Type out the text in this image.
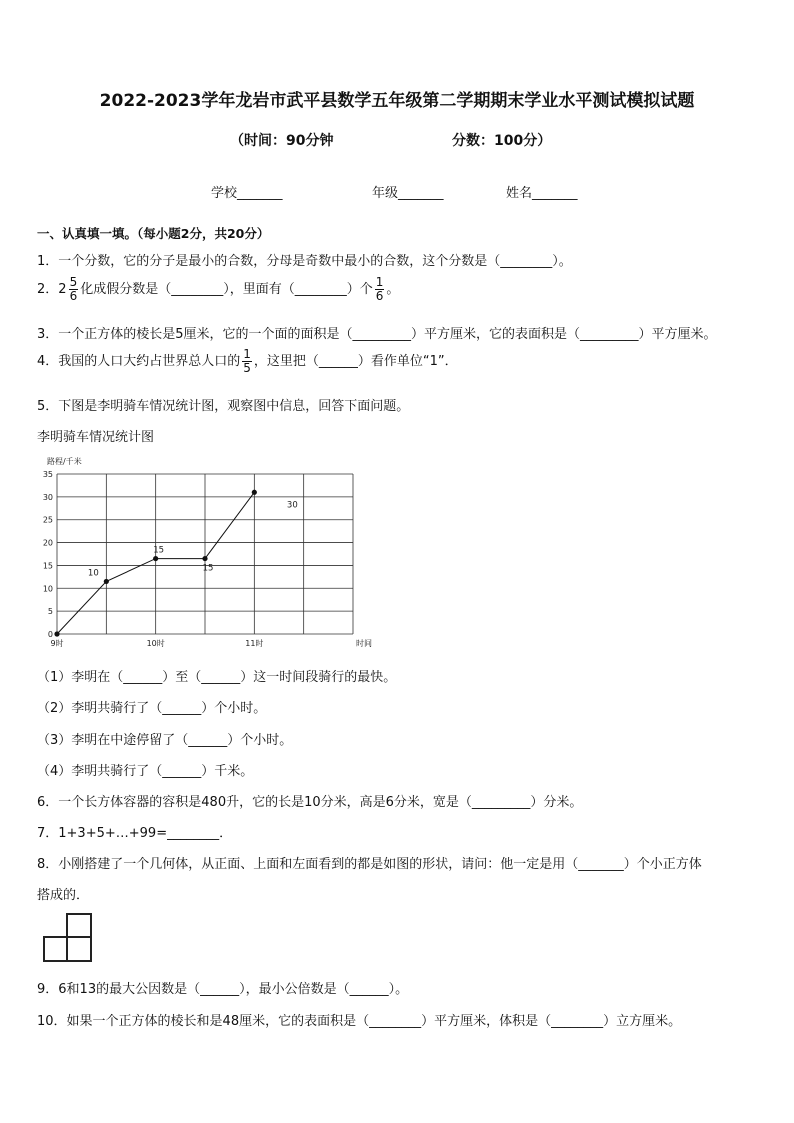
2022-2023学年龙岩市武平县数学五年级第二学期期末学业水平测试模拟试题
（时间：90分钟	分数：100分）
学校_______	年级_______	姓名_______
一、认真填一填。（每小题2分，共20分）
1．一个分数，它的分子是最小的合数，分母是奇数中最小的合数，这个分数是（________）。
2．$2 \frac{5}{6}$ 化成假分数是（________），里面有（________）个 $\frac{1}{6}$ 。
3．一个正方体的棱长是5厘米，它的一个面的面积是（_________）平方厘米，它的表面积是（_________）平方厘米。
4．我国的人口大约占世界总人口的 $\frac{1}{5}$ ，这里把（______）看作单位“1”．
5．下图是李明骑车情况统计图，观察图中信息，回答下面问题。
李明骑车情况统计图
0
5
10
15
20
25
30
35
9时	10时	11时
路程/千米
时间
10
15
15
30
（1）李明在（______）至（______）这一时间段骑行的最快。
（2）李明共骑行了（______）个小时。
（3）李明在中途停留了（______）个小时。
（4）李明共骑行了（______）千米。
6．一个长方体容器的容积是480升，它的长是10分米，高是6分米，宽是（_________）分米。
7．1+3+5+…+99=________．
8．小刚搭建了一个几何体，从正面、上面和左面看到的都是如图的形状，请问：他一定是用（_______）个小正方体
搭成的．
9．6和13的最大公因数是（______），最小公倍数是（______）。
10．如果一个正方体的棱长和是48厘米，它的表面积是（________）平方厘米，体积是（________）立方厘米。
